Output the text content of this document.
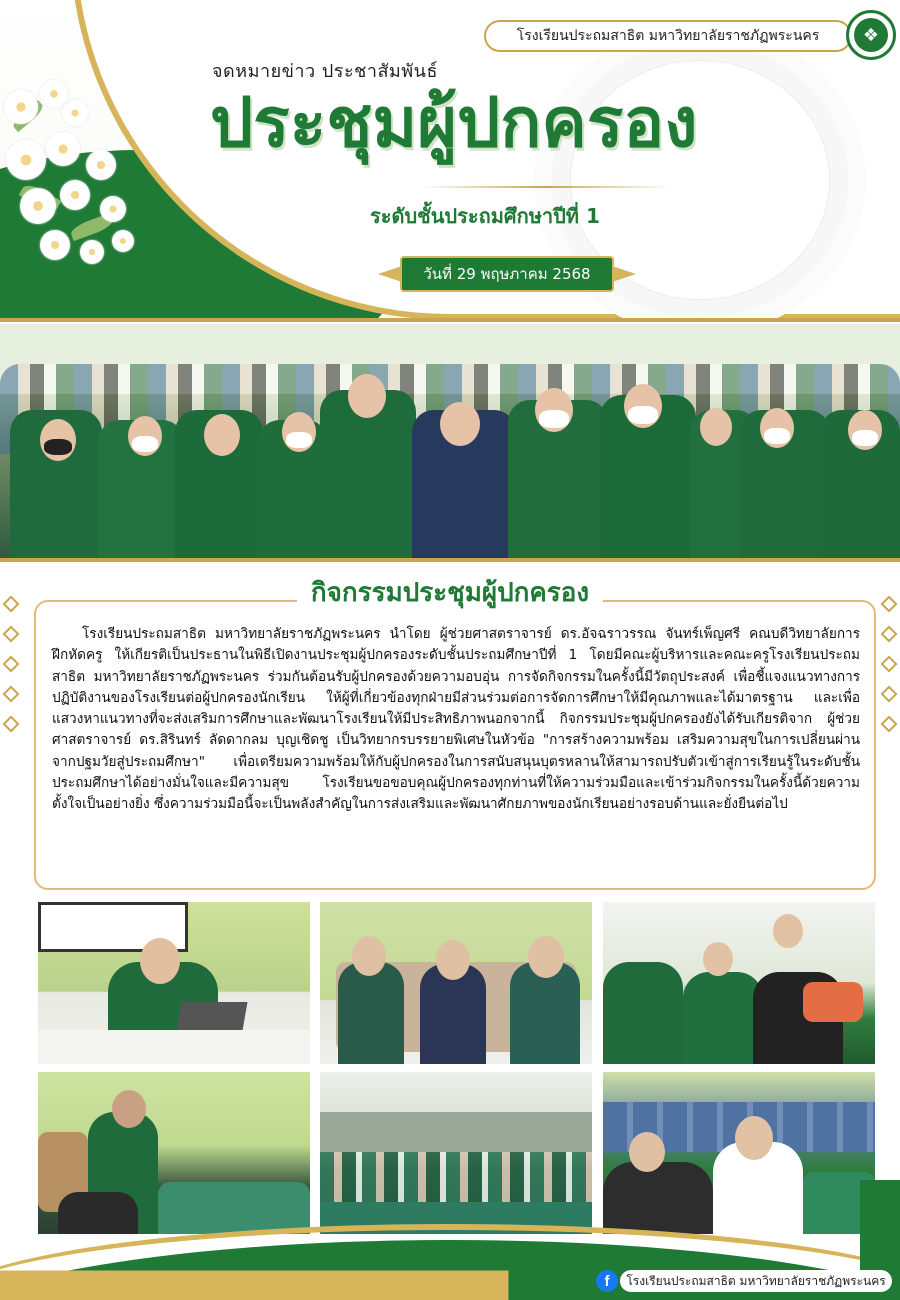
โรงเรียนประถมสาธิต มหาวิทยาลัยราชภัฏพระนคร	❖
จดหมายข่าว ประชาสัมพันธ์
ประชุมผู้ปกครอง
ระดับชั้นประถมศึกษาปีที่ 1
วันที่ 29 พฤษภาคม 2568

โรงเรียนประถมสาธิต มหาวิทยาลัยราชภัฏพระนคร นำโดย ผู้ช่วยศาสตราจารย์ ดร.อัจฉราวรรณ จันทร์เพ็ญศรี คณบดีวิทยาลัยการฝึกหัดครู ให้เกียรติเป็นประธานในพิธีเปิดงานประชุมผู้ปกครองระดับชั้นประถมศึกษาปีที่ 1 โดยมีคณะผู้บริหารและคณะครูโรงเรียนประถมสาธิต มหาวิทยาลัยราชภัฏพระนคร ร่วมกันต้อนรับผู้ปกครองด้วยความอบอุ่น การจัดกิจกรรมในครั้งนี้มีวัตถุประสงค์ เพื่อชี้แจงแนวทางการปฏิบัติงานของโรงเรียนต่อผู้ปกครองนักเรียน ให้ผู้ที่เกี่ยวข้องทุกฝ่ายมีส่วนร่วมต่อการจัดการศึกษาให้มีคุณภาพและได้มาตรฐาน และเพื่อแสวงหาแนวทางที่จะส่งเสริมการศึกษาและพัฒนาโรงเรียนให้มีประสิทธิภาพนอกจากนี้ กิจกรรมประชุมผู้ปกครองยังได้รับเกียรติจาก ผู้ช่วยศาสตราจารย์ ดร.สิรินทร์ ลัดดากลม บุญเชิดชู เป็นวิทยากรบรรยายพิเศษในหัวข้อ "การสร้างความพร้อม เสริมความสุขในการเปลี่ยนผ่านจากปฐมวัยสู่ประถมศึกษา" เพื่อเตรียมความพร้อมให้กับผู้ปกครองในการสนับสนุนบุตรหลานให้สามารถปรับตัวเข้าสู่การเรียนรู้ในระดับชั้นประถมศึกษาได้อย่างมั่นใจและมีความสุข โรงเรียนขอขอบคุณผู้ปกครองทุกท่านที่ให้ความร่วมมือและเข้าร่วมกิจกรรมในครั้งนี้ด้วยความตั้งใจเป็นอย่างยิ่ง ซึ่งความร่วมมือนี้จะเป็นพลังสำคัญในการส่งเสริมและพัฒนาศักยภาพของนักเรียนอย่างรอบด้านและยั่งยืนต่อไป

กิจกรรมประชุมผู้ปกครอง
f	โรงเรียนประถมสาธิต มหาวิทยาลัยราชภัฏพระนคร
